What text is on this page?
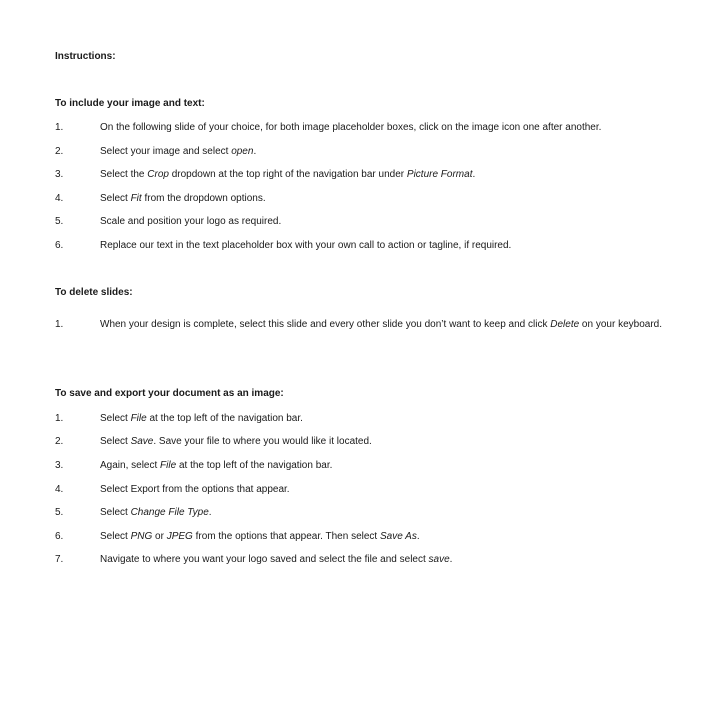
Instructions:
To include your image and text:
1.	On the following slide of your choice, for both image placeholder boxes, click on the image icon one after another.
2.	Select your image and select open.
3.	Select the Crop dropdown at the top right of the navigation bar under Picture Format.
4.	Select Fit from the dropdown options.
5.	Scale and position your logo as required.
6.	Replace our text in the text placeholder box with your own call to action or tagline, if required.
To delete slides:
1.	When your design is complete, select this slide and every other slide you don’t want to keep and click Delete on your keyboard.
To save and export your document as an image:
1.	Select File at the top left of the navigation bar.
2.	Select Save. Save your file to where you would like it located.
3.	Again, select File at the top left of the navigation bar.
4.	Select Export from the options that appear.
5.	Select Change File Type.
6.	Select PNG or JPEG from the options that appear. Then select Save As.
7.	Navigate to where you want your logo saved and select the file and select save.
